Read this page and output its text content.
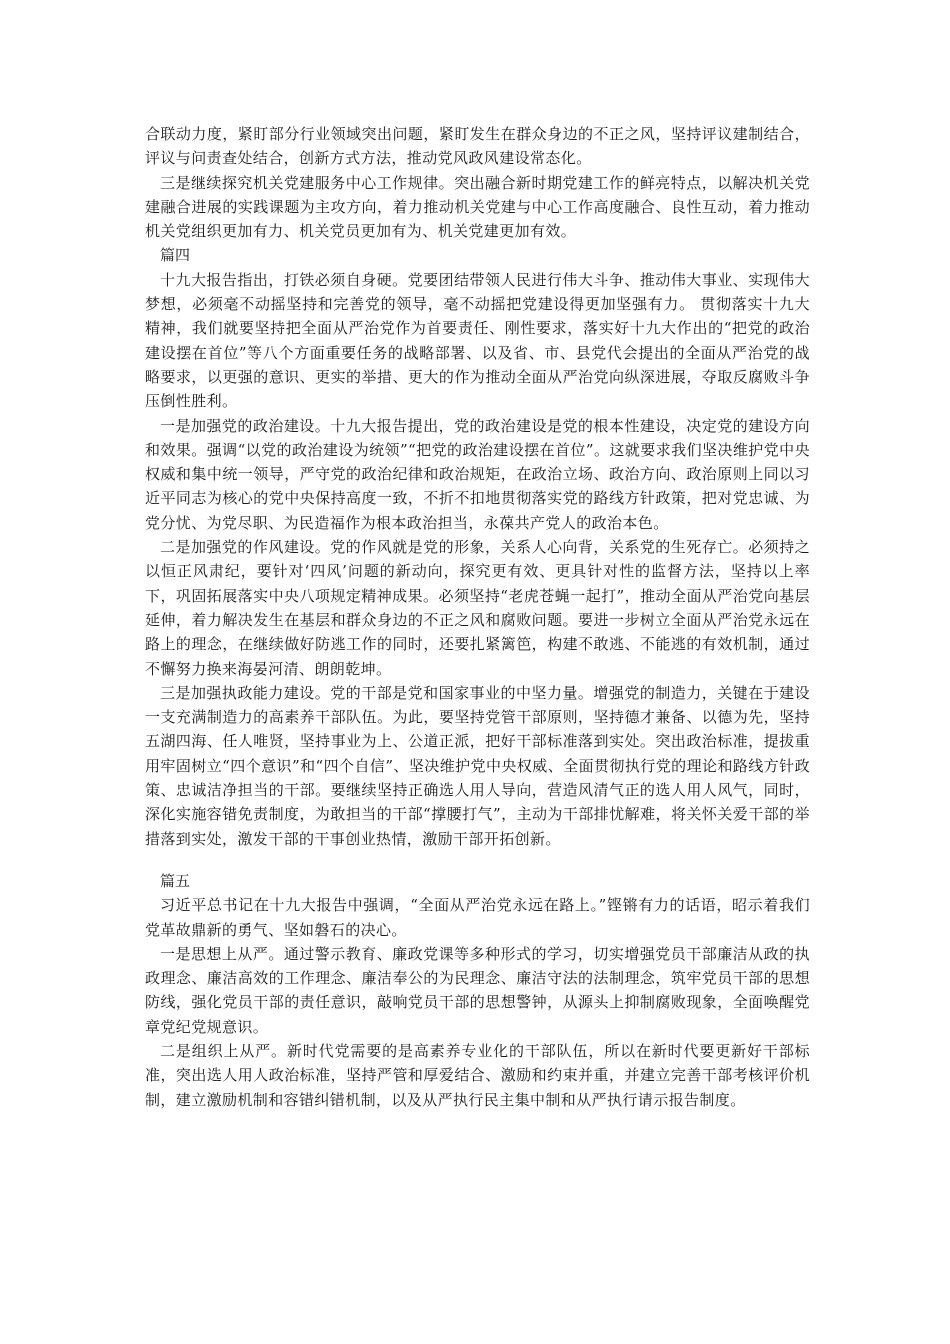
合联动力度，紧盯部分行业领域突出问题，紧盯发生在群众身边的不正之风，坚持评议建制结合，评议与问责查处结合，创新方式方法，推动党风政风建设常态化。

三是继续探究机关党建服务中心工作规律。突出融合新时期党建工作的鲜亮特点，以解决机关党建融合进展的实践课题为主攻方向，着力推动机关党建与中心工作高度融合、良性互动，着力推动机关党组织更加有力、机关党员更加有为、机关党建更加有效。

篇四

十九大报告指出，打铁必须自身硬。党要团结带领人民进行伟大斗争、推动伟大事业、实现伟大梦想，必须毫不动摇坚持和完善党的领导，毫不动摇把党建设得更加坚强有力。 贯彻落实十九大精神，我们就要坚持把全面从严治党作为首要责任、刚性要求，落实好十九大作出的“把党的政治建设摆在首位”等八个方面重要任务的战略部署、以及省、市、县党代会提出的全面从严治党的战略要求，以更强的意识、更实的举措、更大的作为推动全面从严治党向纵深进展，夺取反腐败斗争压倒性胜利。

一是加强党的政治建设。十九大报告提出，党的政治建设是党的根本性建设，决定党的建设方向和效果。强调“以党的政治建设为统领”“把党的政治建设摆在首位”。这就要求我们坚决维护党中央权威和集中统一领导，严守党的政治纪律和政治规矩，在政治立场、政治方向、政治原则上同以习近平同志为核心的党中央保持高度一致，不折不扣地贯彻落实党的路线方针政策，把对党忠诚、为党分忧、为党尽职、为民造福作为根本政治担当，永葆共产党人的政治本色。

二是加强党的作风建设。党的作风就是党的形象，关系人心向背，关系党的生死存亡。必须持之以恒正风肃纪，要针对‘四风’问题的新动向，探究更有效、更具针对性的监督方法，坚持以上率下，巩固拓展落实中央八项规定精神成果。必须坚持“老虎苍蝇一起打”，推动全面从严治党向基层延伸，着力解决发生在基层和群众身边的不正之风和腐败问题。要进一步树立全面从严治党永远在路上的理念，在继续做好防逃工作的同时，还要扎紧篱笆，构建不敢逃、不能逃的有效机制，通过不懈努力换来海晏河清、朗朗乾坤。

三是加强执政能力建设。党的干部是党和国家事业的中坚力量。增强党的制造力，关键在于建设一支充满制造力的高素养干部队伍。为此，要坚持党管干部原则，坚持德才兼备、以德为先，坚持五湖四海、任人唯贤，坚持事业为上、公道正派，把好干部标准落到实处。突出政治标准，提拔重用牢固树立“四个意识”和“四个自信”、坚决维护党中央权威、全面贯彻执行党的理论和路线方针政策、忠诚洁净担当的干部。要继续坚持正确选人用人导向，营造风清气正的选人用人风气，同时，深化实施容错免责制度，为敢担当的干部“撑腰打气”，主动为干部排忧解难，将关怀关爱干部的举措落到实处，激发干部的干事创业热情，激励干部开拓创新。

篇五

习近平总书记在十九大报告中强调，“全面从严治党永远在路上。”铿锵有力的话语，昭示着我们党革故鼎新的勇气、坚如磐石的决心。

一是思想上从严。通过警示教育、廉政党课等多种形式的学习，切实增强党员干部廉洁从政的执政理念、廉洁高效的工作理念、廉洁奉公的为民理念、廉洁守法的法制理念，筑牢党员干部的思想防线，强化党员干部的责任意识，敲响党员干部的思想警钟，从源头上抑制腐败现象，全面唤醒党章党纪党规意识。

二是组织上从严。新时代党需要的是高素养专业化的干部队伍，所以在新时代要更新好干部标准，突出选人用人政治标准，坚持严管和厚爱结合、激励和约束并重，并建立完善干部考核评价机制，建立激励机制和容错纠错机制，以及从严执行民主集中制和从严执行请示报告制度。
